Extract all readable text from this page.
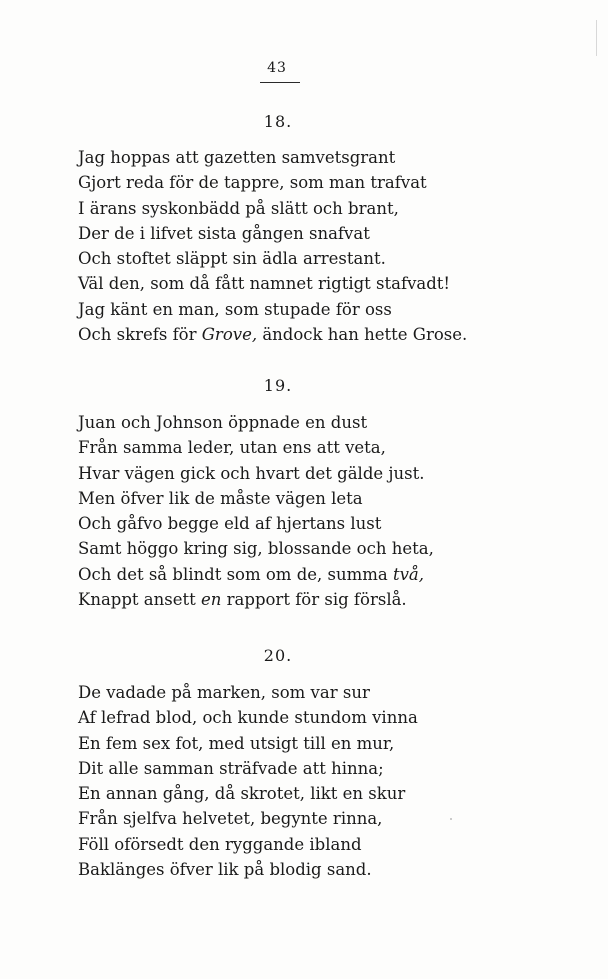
43
18.
Jag hoppas att gazetten samvetsgrant
Gjort reda för de tappre, som man trafvat
I ärans syskonbädd på slätt och brant,
Der de i lifvet sista gången snafvat
Och stoftet släppt sin ädla arrestant.
Väl den, som då fått namnet rigtigt stafvadt!
Jag känt en man, som stupade för oss
Och skrefs för Grove, ändock han hette Grose.
19.
Juan och Johnson öppnade en dust
Från samma leder, utan ens att veta,
Hvar vägen gick och hvart det gälde just.
Men öfver lik de måste vägen leta
Och gåfvo begge eld af hjertans lust
Samt höggo kring sig, blossande och heta,
Och det så blindt som om de, summa två,
Knappt ansett en rapport för sig förslå.
20.
De vadade på marken, som var sur
Af lefrad blod, och kunde stundom vinna
En fem sex fot, med utsigt till en mur,
Dit alle samman sträfvade att hinna;
En annan gång, då skrotet, likt en skur
Från sjelfva helvetet, begynte rinna,
Föll oförsedt den ryggande ibland
Baklänges öfver lik på blodig sand.
